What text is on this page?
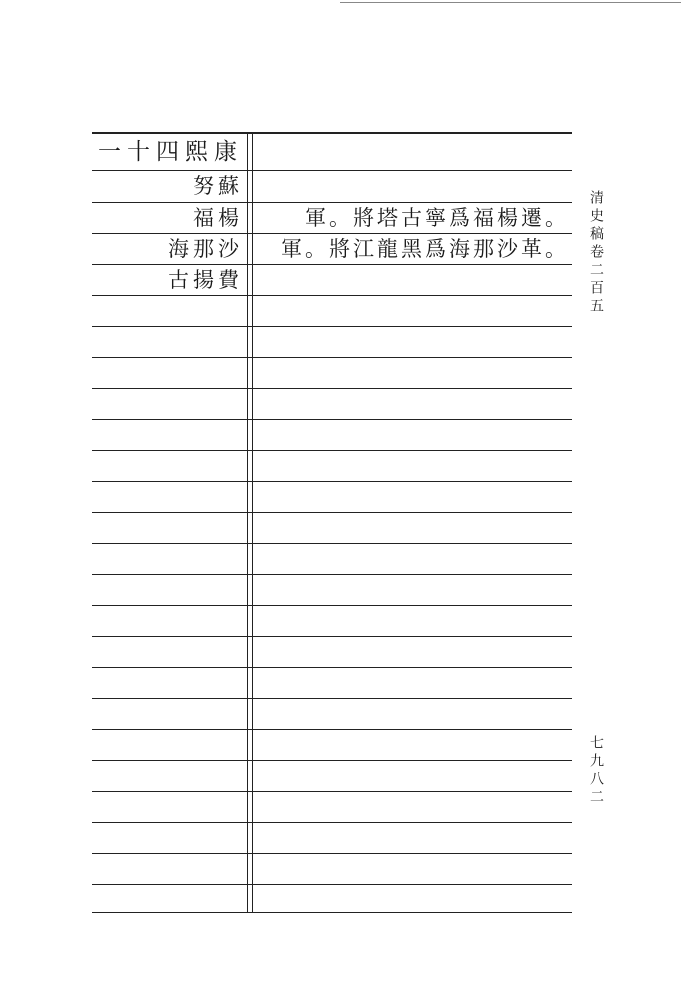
一十四熙康
努蘇
福楊
海那沙
古揚費
軍。將塔古寧爲福楊遷。
軍。將江龍黑爲海那沙革。 清史稿卷二百五
七九八二
